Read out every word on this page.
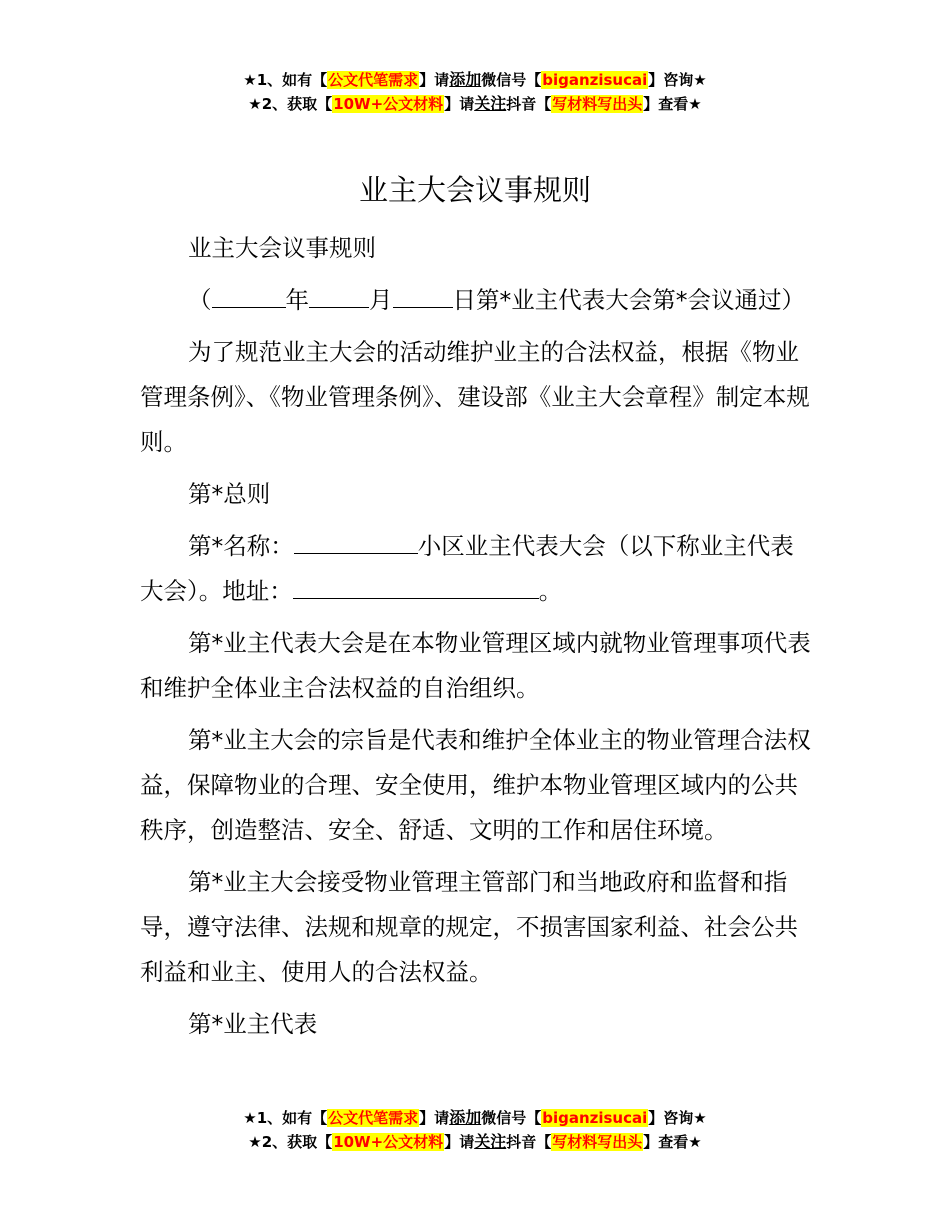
★1、如有【公文代笔需求】请添加微信号【biganzisucai】咨询★
★2、获取【10W+公文材料】请关注抖音【写材料写出头】查看★
业主大会议事规则

业主大会议事规则

（	年	月	日第*业主代表大会第*会议通过）

为了规范业主大会的活动维护业主的合法权益，根据《物业管理条例》、《物业管理条例》、建设部《业主大会章程》制定本规则。

第*总则

第*名称：	小区业主代表大会（以下称业主代表大会）。地址：	。

第*业主代表大会是在本物业管理区域内就物业管理事项代表和维护全体业主合法权益的自治组织。

第*业主大会的宗旨是代表和维护全体业主的物业管理合法权益，保障物业的合理、安全使用，维护本物业管理区域内的公共秩序，创造整洁、安全、舒适、文明的工作和居住环境。

第*业主大会接受物业管理主管部门和当地政府和监督和指导，遵守法律、法规和规章的规定，不损害国家利益、社会公共利益和业主、使用人的合法权益。

第*业主代表

★1、如有【公文代笔需求】请添加微信号【biganzisucai】咨询★
★2、获取【10W+公文材料】请关注抖音【写材料写出头】查看★
